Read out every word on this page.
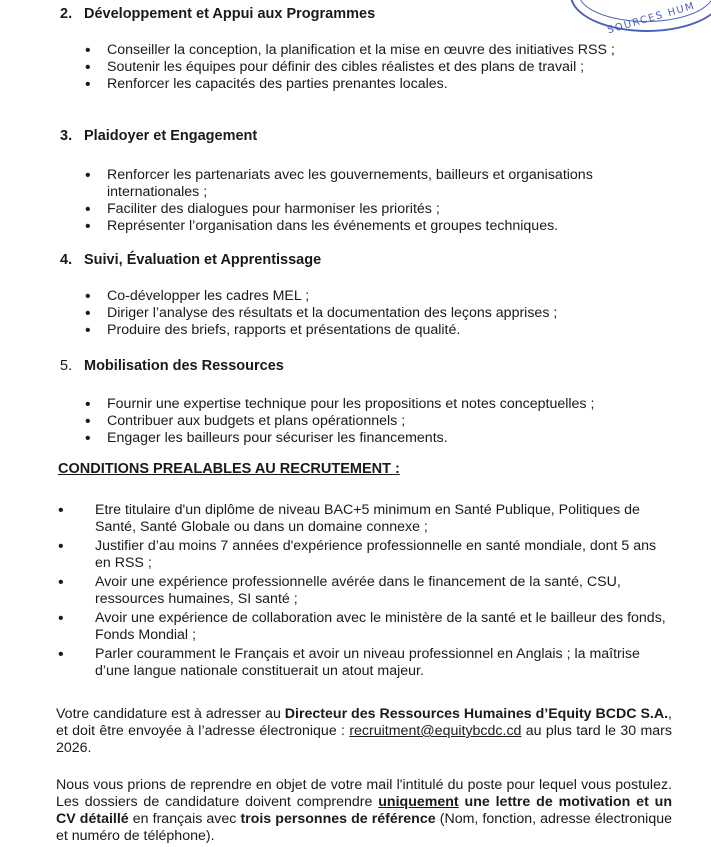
SOURCES HUM
2. Développement et Appui aux Programmes
• Conseiller la conception, la planification et la mise en œuvre des initiatives RSS ;
• Soutenir les équipes pour définir des cibles réalistes et des plans de travail ;
• Renforcer les capacités des parties prenantes locales.
3. Plaidoyer et Engagement
• Renforcer les partenariats avec les gouvernements, bailleurs et organisations internationales ;
• Faciliter des dialogues pour harmoniser les priorités ;
• Représenter l’organisation dans les événements et groupes techniques.
4. Suivi, Évaluation et Apprentissage
• Co-développer les cadres MEL ;
• Diriger l’analyse des résultats et la documentation des leçons apprises ;
• Produire des briefs, rapports et présentations de qualité.
5. Mobilisation des Ressources
• Fournir une expertise technique pour les propositions et notes conceptuelles ;
• Contribuer aux budgets et plans opérationnels ;
• Engager les bailleurs pour sécuriser les financements.
CONDITIONS PREALABLES AU RECRUTEMENT :
• Etre titulaire d'un diplôme de niveau BAC+5 minimum en Santé Publique, Politiques de Santé, Santé Globale ou dans un domaine connexe ;
• Justifier d’au moins 7 années d'expérience professionnelle en santé mondiale, dont 5 ans en RSS ;
• Avoir une expérience professionnelle avérée dans le financement de la santé, CSU, ressources humaines, SI santé ;
• Avoir une expérience de collaboration avec le ministère de la santé et le bailleur des fonds, Fonds Mondial ;
• Parler couramment le Français et avoir un niveau professionnel en Anglais ; la maîtrise d’une langue nationale constituerait un atout majeur.

Votre candidature est à adresser au Directeur des Ressources Humaines d’Equity BCDC S.A., et doit être envoyée à l’adresse électronique : recruitment@equitybcdc.cd au plus tard le 30 mars 2026.

Nous vous prions de reprendre en objet de votre mail l'intitulé du poste pour lequel vous postulez. Les dossiers de candidature doivent comprendre uniquement une lettre de motivation et un CV détaillé en français avec trois personnes de référence (Nom, fonction, adresse électronique et numéro de téléphone).
